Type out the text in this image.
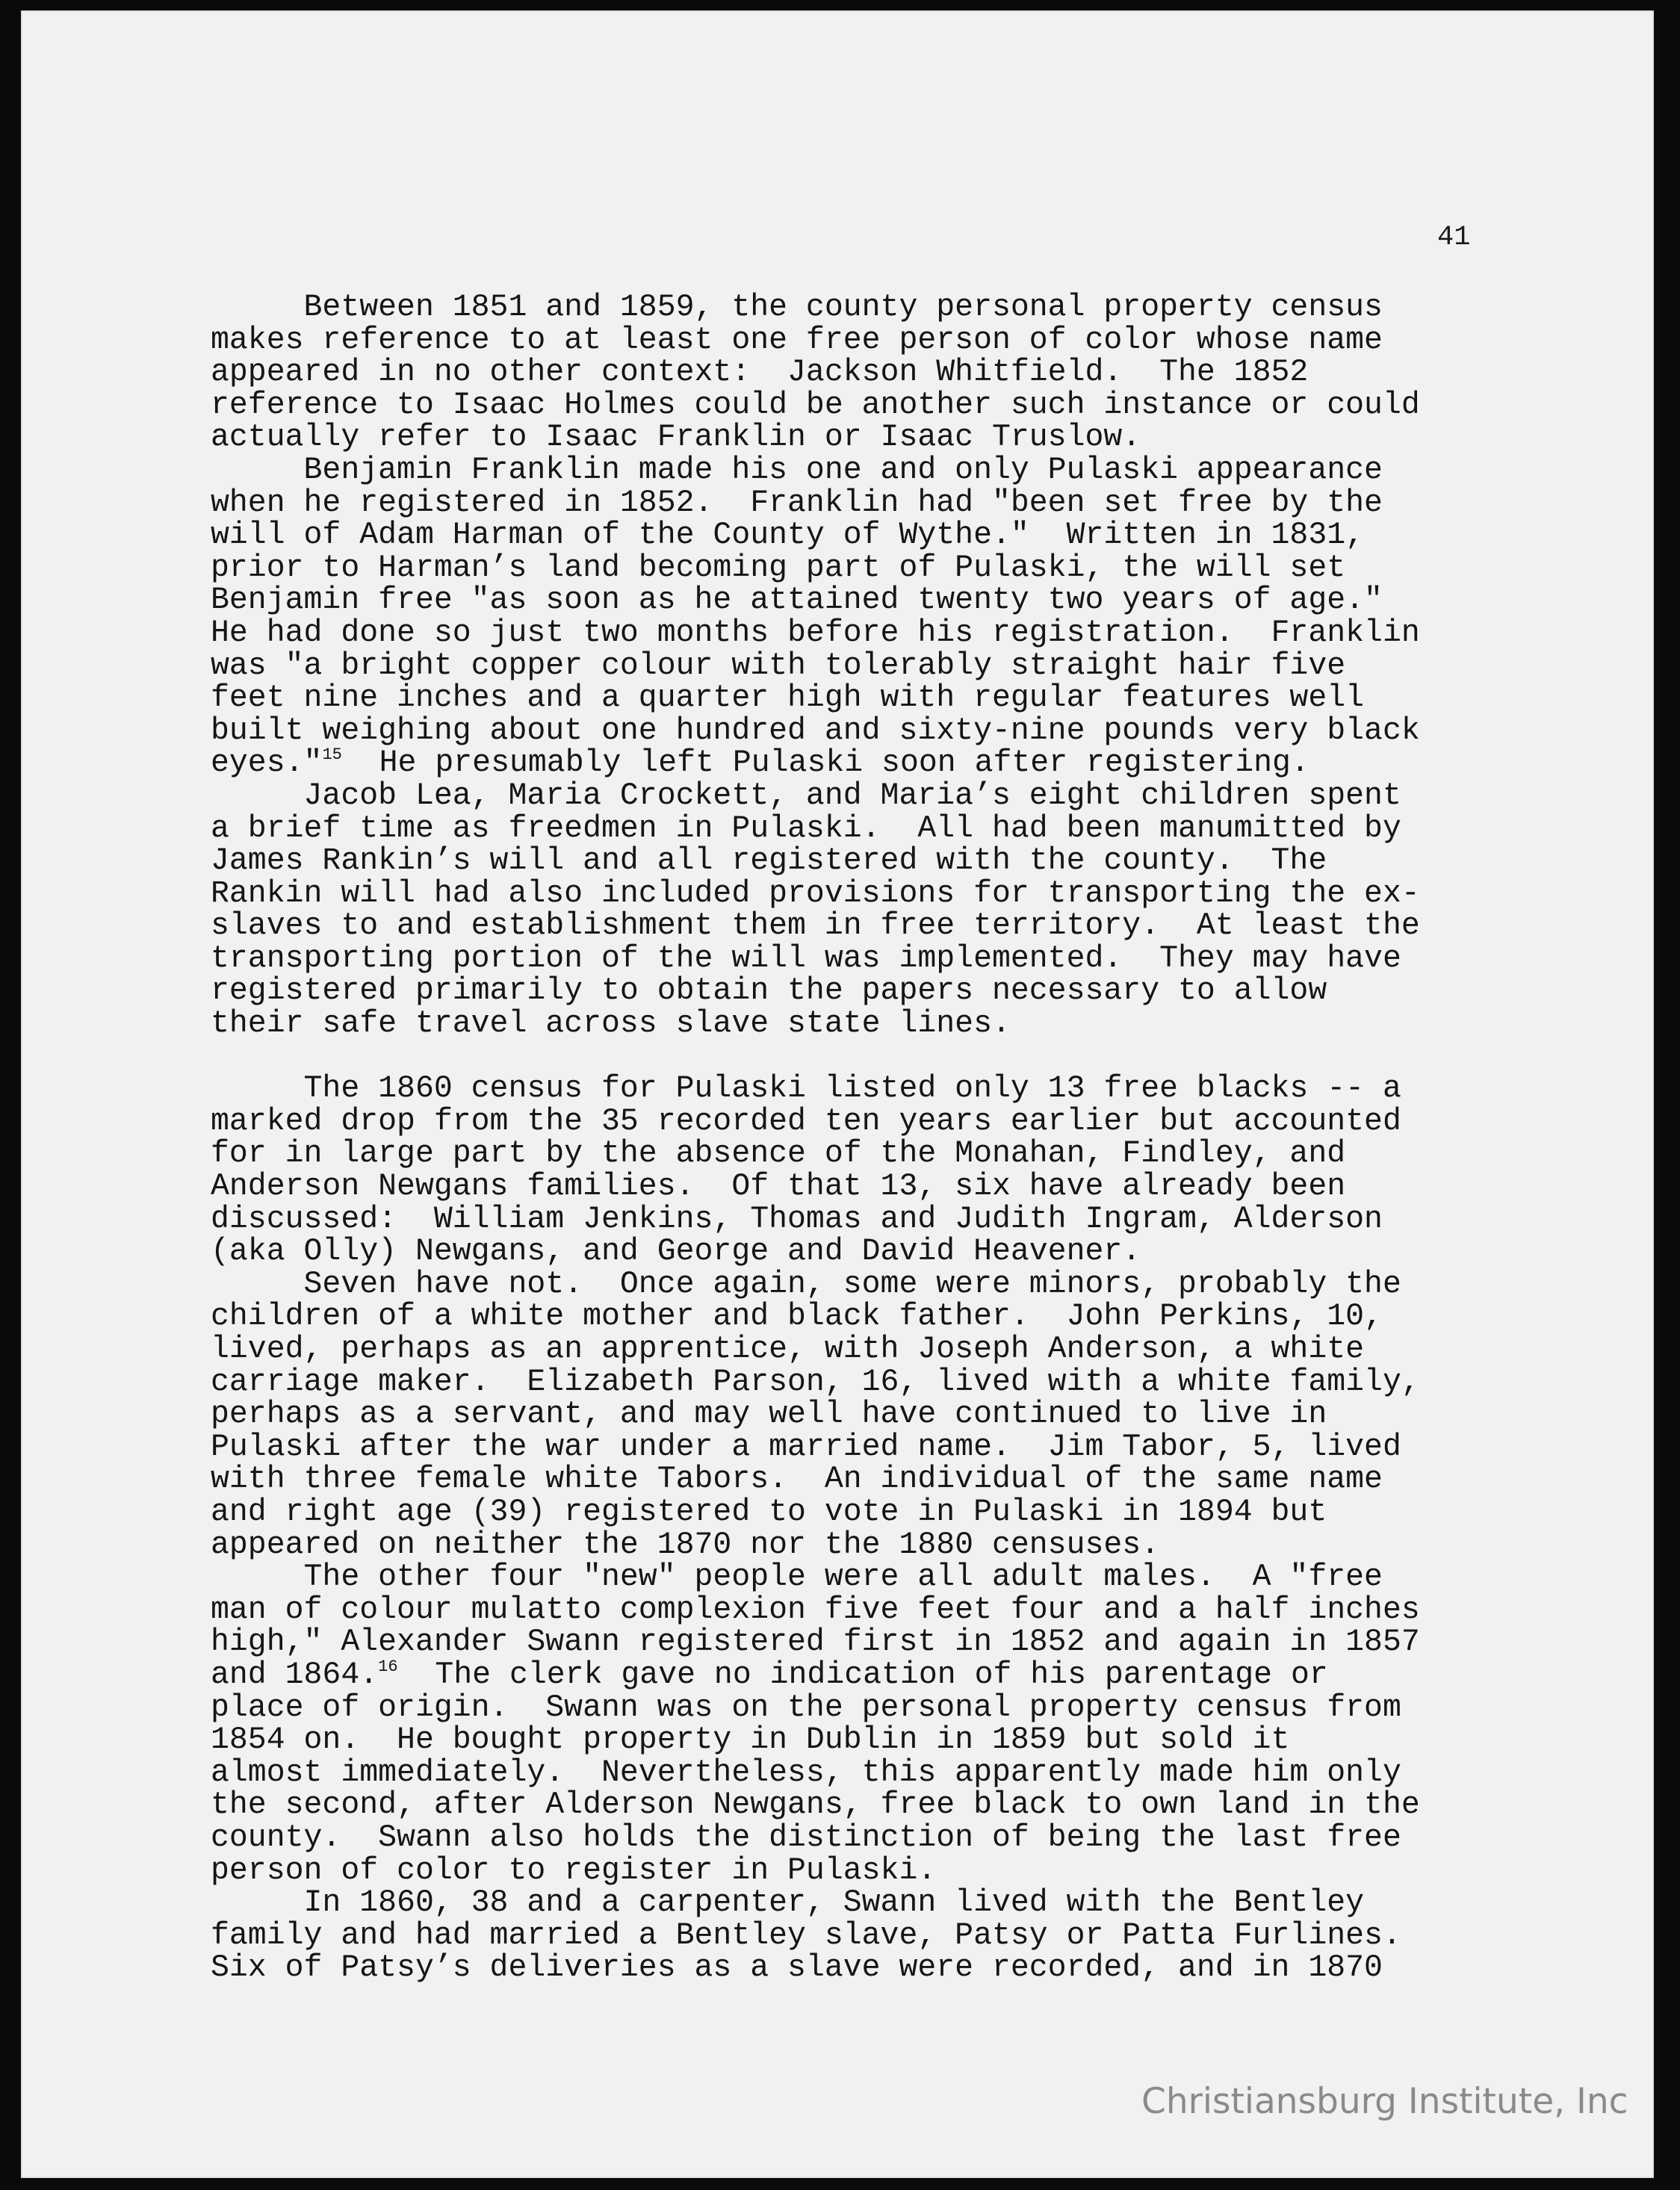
41
Between 1851 and 1859, the county personal property census
makes reference to at least one free person of color whose name
appeared in no other context:  Jackson Whitfield.  The 1852
reference to Isaac Holmes could be another such instance or could
actually refer to Isaac Franklin or Isaac Truslow.
Benjamin Franklin made his one and only Pulaski appearance
when he registered in 1852.  Franklin had "been set free by the
will of Adam Harman of the County of Wythe."  Written in 1831,
prior to Harman’s land becoming part of Pulaski, the will set
Benjamin free "as soon as he attained twenty two years of age."
He had done so just two months before his registration.  Franklin
was "a bright copper colour with tolerably straight hair five
feet nine inches and a quarter high with regular features well
built weighing about one hundred and sixty-nine pounds very black
eyes."$^{15}$  He presumably left Pulaski soon after registering.
Jacob Lea, Maria Crockett, and Maria’s eight children spent
a brief time as freedmen in Pulaski.  All had been manumitted by
James Rankin’s will and all registered with the county.  The
Rankin will had also included provisions for transporting the ex-
slaves to and establishment them in free territory.  At least the
transporting portion of the will was implemented.  They may have
registered primarily to obtain the papers necessary to allow
their safe travel across slave state lines.
The 1860 census for Pulaski listed only 13 free blacks -- a
marked drop from the 35 recorded ten years earlier but accounted
for in large part by the absence of the Monahan, Findley, and
Anderson Newgans families.  Of that 13, six have already been
discussed:  William Jenkins, Thomas and Judith Ingram, Alderson
(aka Olly) Newgans, and George and David Heavener.
Seven have not.  Once again, some were minors, probably the
children of a white mother and black father.  John Perkins, 10,
lived, perhaps as an apprentice, with Joseph Anderson, a white
carriage maker.  Elizabeth Parson, 16, lived with a white family,
perhaps as a servant, and may well have continued to live in
Pulaski after the war under a married name.  Jim Tabor, 5, lived
with three female white Tabors.  An individual of the same name
and right age (39) registered to vote in Pulaski in 1894 but
appeared on neither the 1870 nor the 1880 censuses.
The other four "new" people were all adult males.  A "free
man of colour mulatto complexion five feet four and a half inches
high," Alexander Swann registered first in 1852 and again in 1857
and 1864.16  The clerk gave no indication of his parentage or
place of origin.  Swann was on the personal property census from
1854 on.  He bought property in Dublin in 1859 but sold it
almost immediately.  Nevertheless, this apparently made him only
the second, after Alderson Newgans, free black to own land in the
county.  Swann also holds the distinction of being the last free
person of color to register in Pulaski.
In 1860, 38 and a carpenter, Swann lived with the Bentley
family and had married a Bentley slave, Patsy or Patta Furlines.
Six of Patsy’s deliveries as a slave were recorded, and in 1870
Christiansburg Institute, Inc
